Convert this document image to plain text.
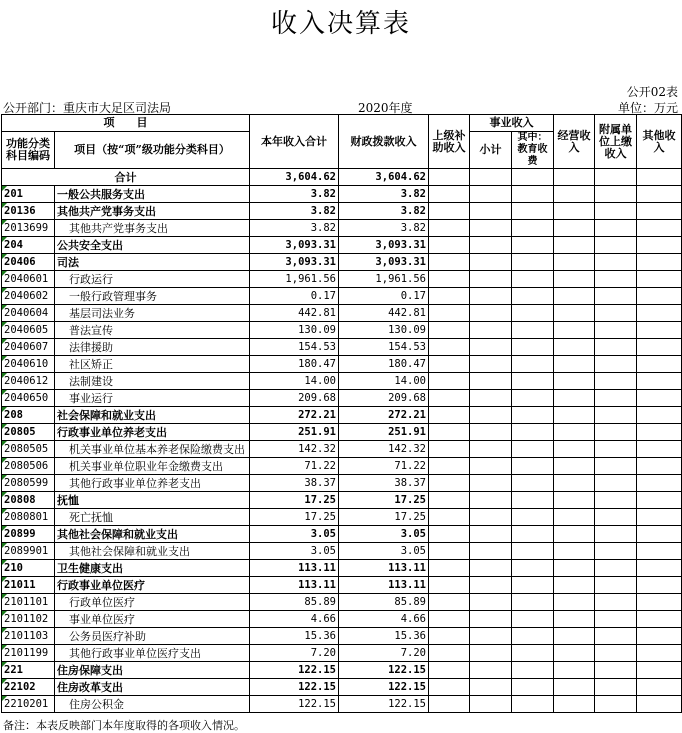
收入决算表
公开02表
公开部门：重庆市大足区司法局	2020年度	单位：万元
项　　目		本年收入合计	财政拨款收入	上级补助收入	事业收入		经营收入	附属单位上缴收入	其他收入
功能分类科目编码	项目（按“项”级功能分类科目）				小计	其中：教育收费			

合计		3,604.62	3,604.62						
201	一般公共服务支出	3.82	3.82						
20136	其他共产党事务支出	3.82	3.82						
2013699	其他共产党事务支出	3.82	3.82						
204	公共安全支出	3,093.31	3,093.31						
20406	司法	3,093.31	3,093.31						
2040601	行政运行	1,961.56	1,961.56						
2040602	一般行政管理事务	0.17	0.17						
2040604	基层司法业务	442.81	442.81						
2040605	普法宣传	130.09	130.09						
2040607	法律援助	154.53	154.53						
2040610	社区矫正	180.47	180.47						
2040612	法制建设	14.00	14.00						
2040650	事业运行	209.68	209.68						
208	社会保障和就业支出	272.21	272.21						
20805	行政事业单位养老支出	251.91	251.91						
2080505	机关事业单位基本养老保险缴费支出	142.32	142.32						
2080506	机关事业单位职业年金缴费支出	71.22	71.22						
2080599	其他行政事业单位养老支出	38.37	38.37						
20808	抚恤	17.25	17.25						
2080801	死亡抚恤	17.25	17.25						
20899	其他社会保障和就业支出	3.05	3.05						
2089901	其他社会保障和就业支出	3.05	3.05						
210	卫生健康支出	113.11	113.11						
21011	行政事业单位医疗	113.11	113.11						
2101101	行政单位医疗	85.89	85.89						
2101102	事业单位医疗	4.66	4.66						
2101103	公务员医疗补助	15.36	15.36						
2101199	其他行政事业单位医疗支出	7.20	7.20						
221	住房保障支出	122.15	122.15						
22102	住房改革支出	122.15	122.15						
2210201	住房公积金	122.15	122.15						
备注：本表反映部门本年度取得的各项收入情况。
